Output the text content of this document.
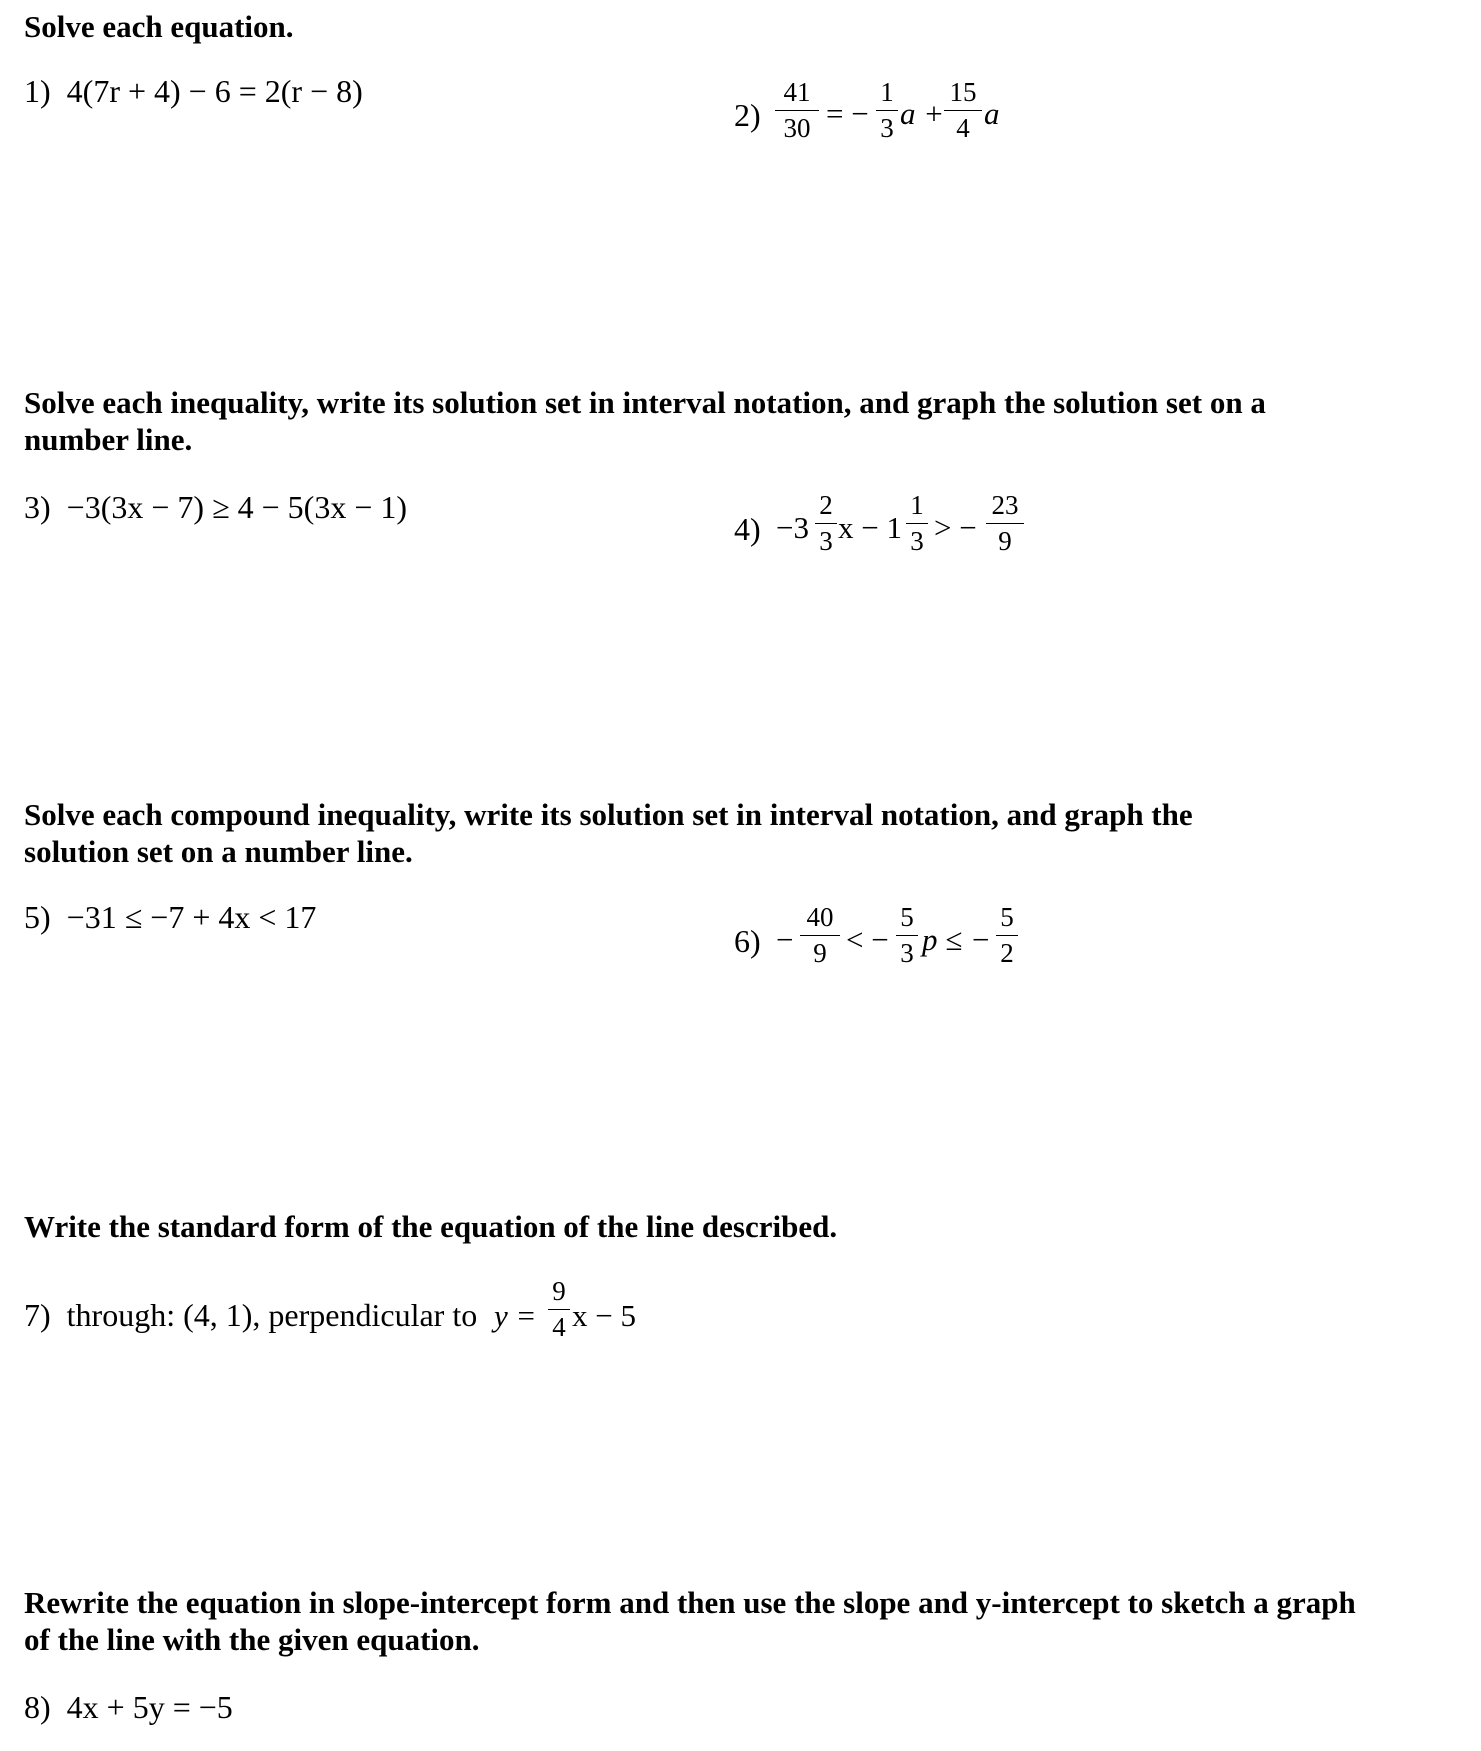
Solve each equation.
1) 4(7r + 4) − 6 = 2(r − 8)
2)
41
30 = −
1
3 a +
15
4 a
Solve each inequality, write its solution set in interval notation, and graph the solution set on a number line.
3) −3(3x − 7) ≥ 4 − 5(3x − 1)
4) −3
2
3 x − 1
1
3 > −
23
9
Solve each compound inequality, write its solution set in interval notation, and graph the solution set on a number line.
5) −31 ≤ −7 + 4x < 17
6) −
40
9 < −
5
3 p ≤ −
5
2
Write the standard form of the equation of the line described.
7) through: (4, 1), perpendicular to y =
9
4 x − 5
Rewrite the equation in slope-intercept form and then use the slope and y-intercept to sketch a graph of the line with the given equation.
8) 4x + 5y = −5
